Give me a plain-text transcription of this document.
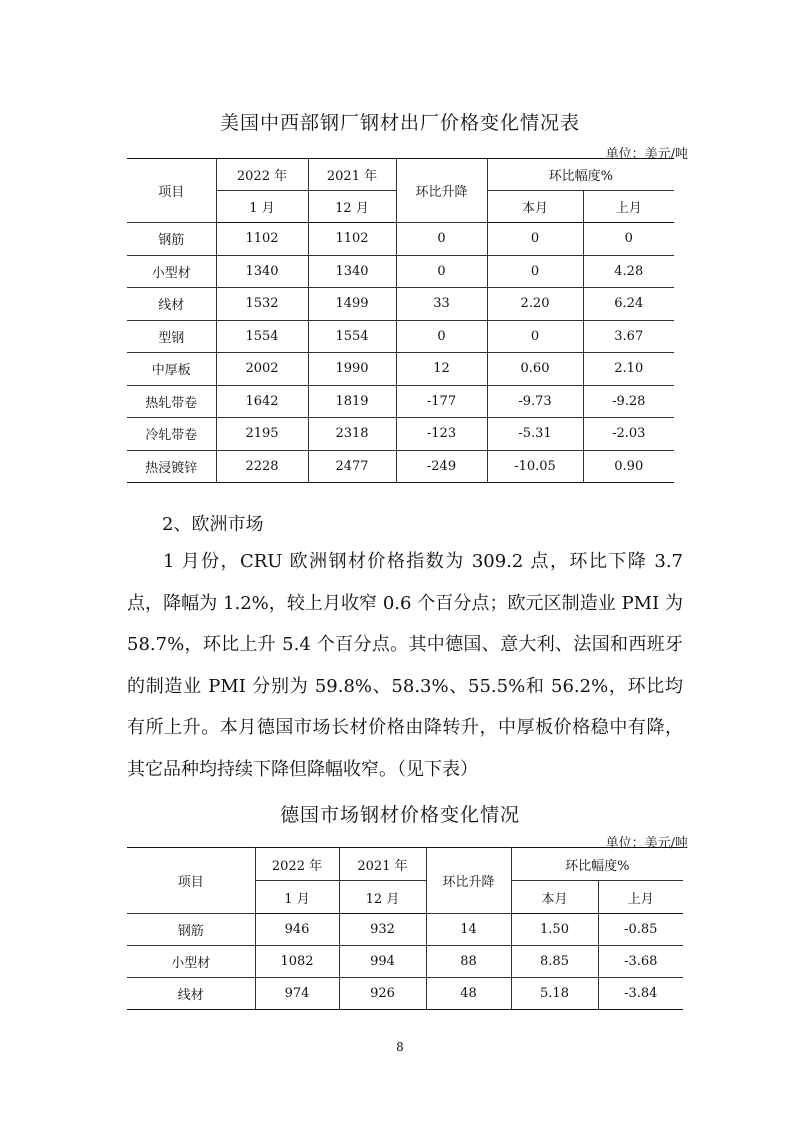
美国中西部钢厂钢材出厂价格变化情况表
单位：美元/吨
项目	2022 年	2021 年	环比升降	环比幅度%	
	1 月	12 月		本月	上月
钢筋	1102	1102	0	0	0
小型材	1340	1340	0	0	4.28
线材	1532	1499	33	2.20	6.24
型钢	1554	1554	0	0	3.67
中厚板	2002	1990	12	0.60	2.10
热轧带卷	1642	1819	-177	-9.73	-9.28
冷轧带卷	2195	2318	-123	-5.31	-2.03
热浸镀锌	2228	2477	-249	-10.05	0.90
2、欧洲市场
1 月份，CRU 欧洲钢材价格指数为 309.2 点，环比下降 3.7 点，降幅为 1.2%，较上月收窄 0.6 个百分点；欧元区制造业 PMI 为 58.7%，环比上升 5.4 个百分点。其中德国、意大利、法国和西班牙的制造业 PMI 分别为 59.8%、58.3%、55.5%和 56.2%，环比均有所上升。本月德国市场长材价格由降转升，中厚板价格稳中有降，其它品种均持续下降但降幅收窄。（见下表）
德国市场钢材价格变化情况
单位：美元/吨
项目	2022 年	2021 年	环比升降	环比幅度%	
	1 月	12 月		本月	上月
钢筋	946	932	14	1.50	-0.85
小型材	1082	994	88	8.85	-3.68
线材	974	926	48	5.18	-3.84
8
